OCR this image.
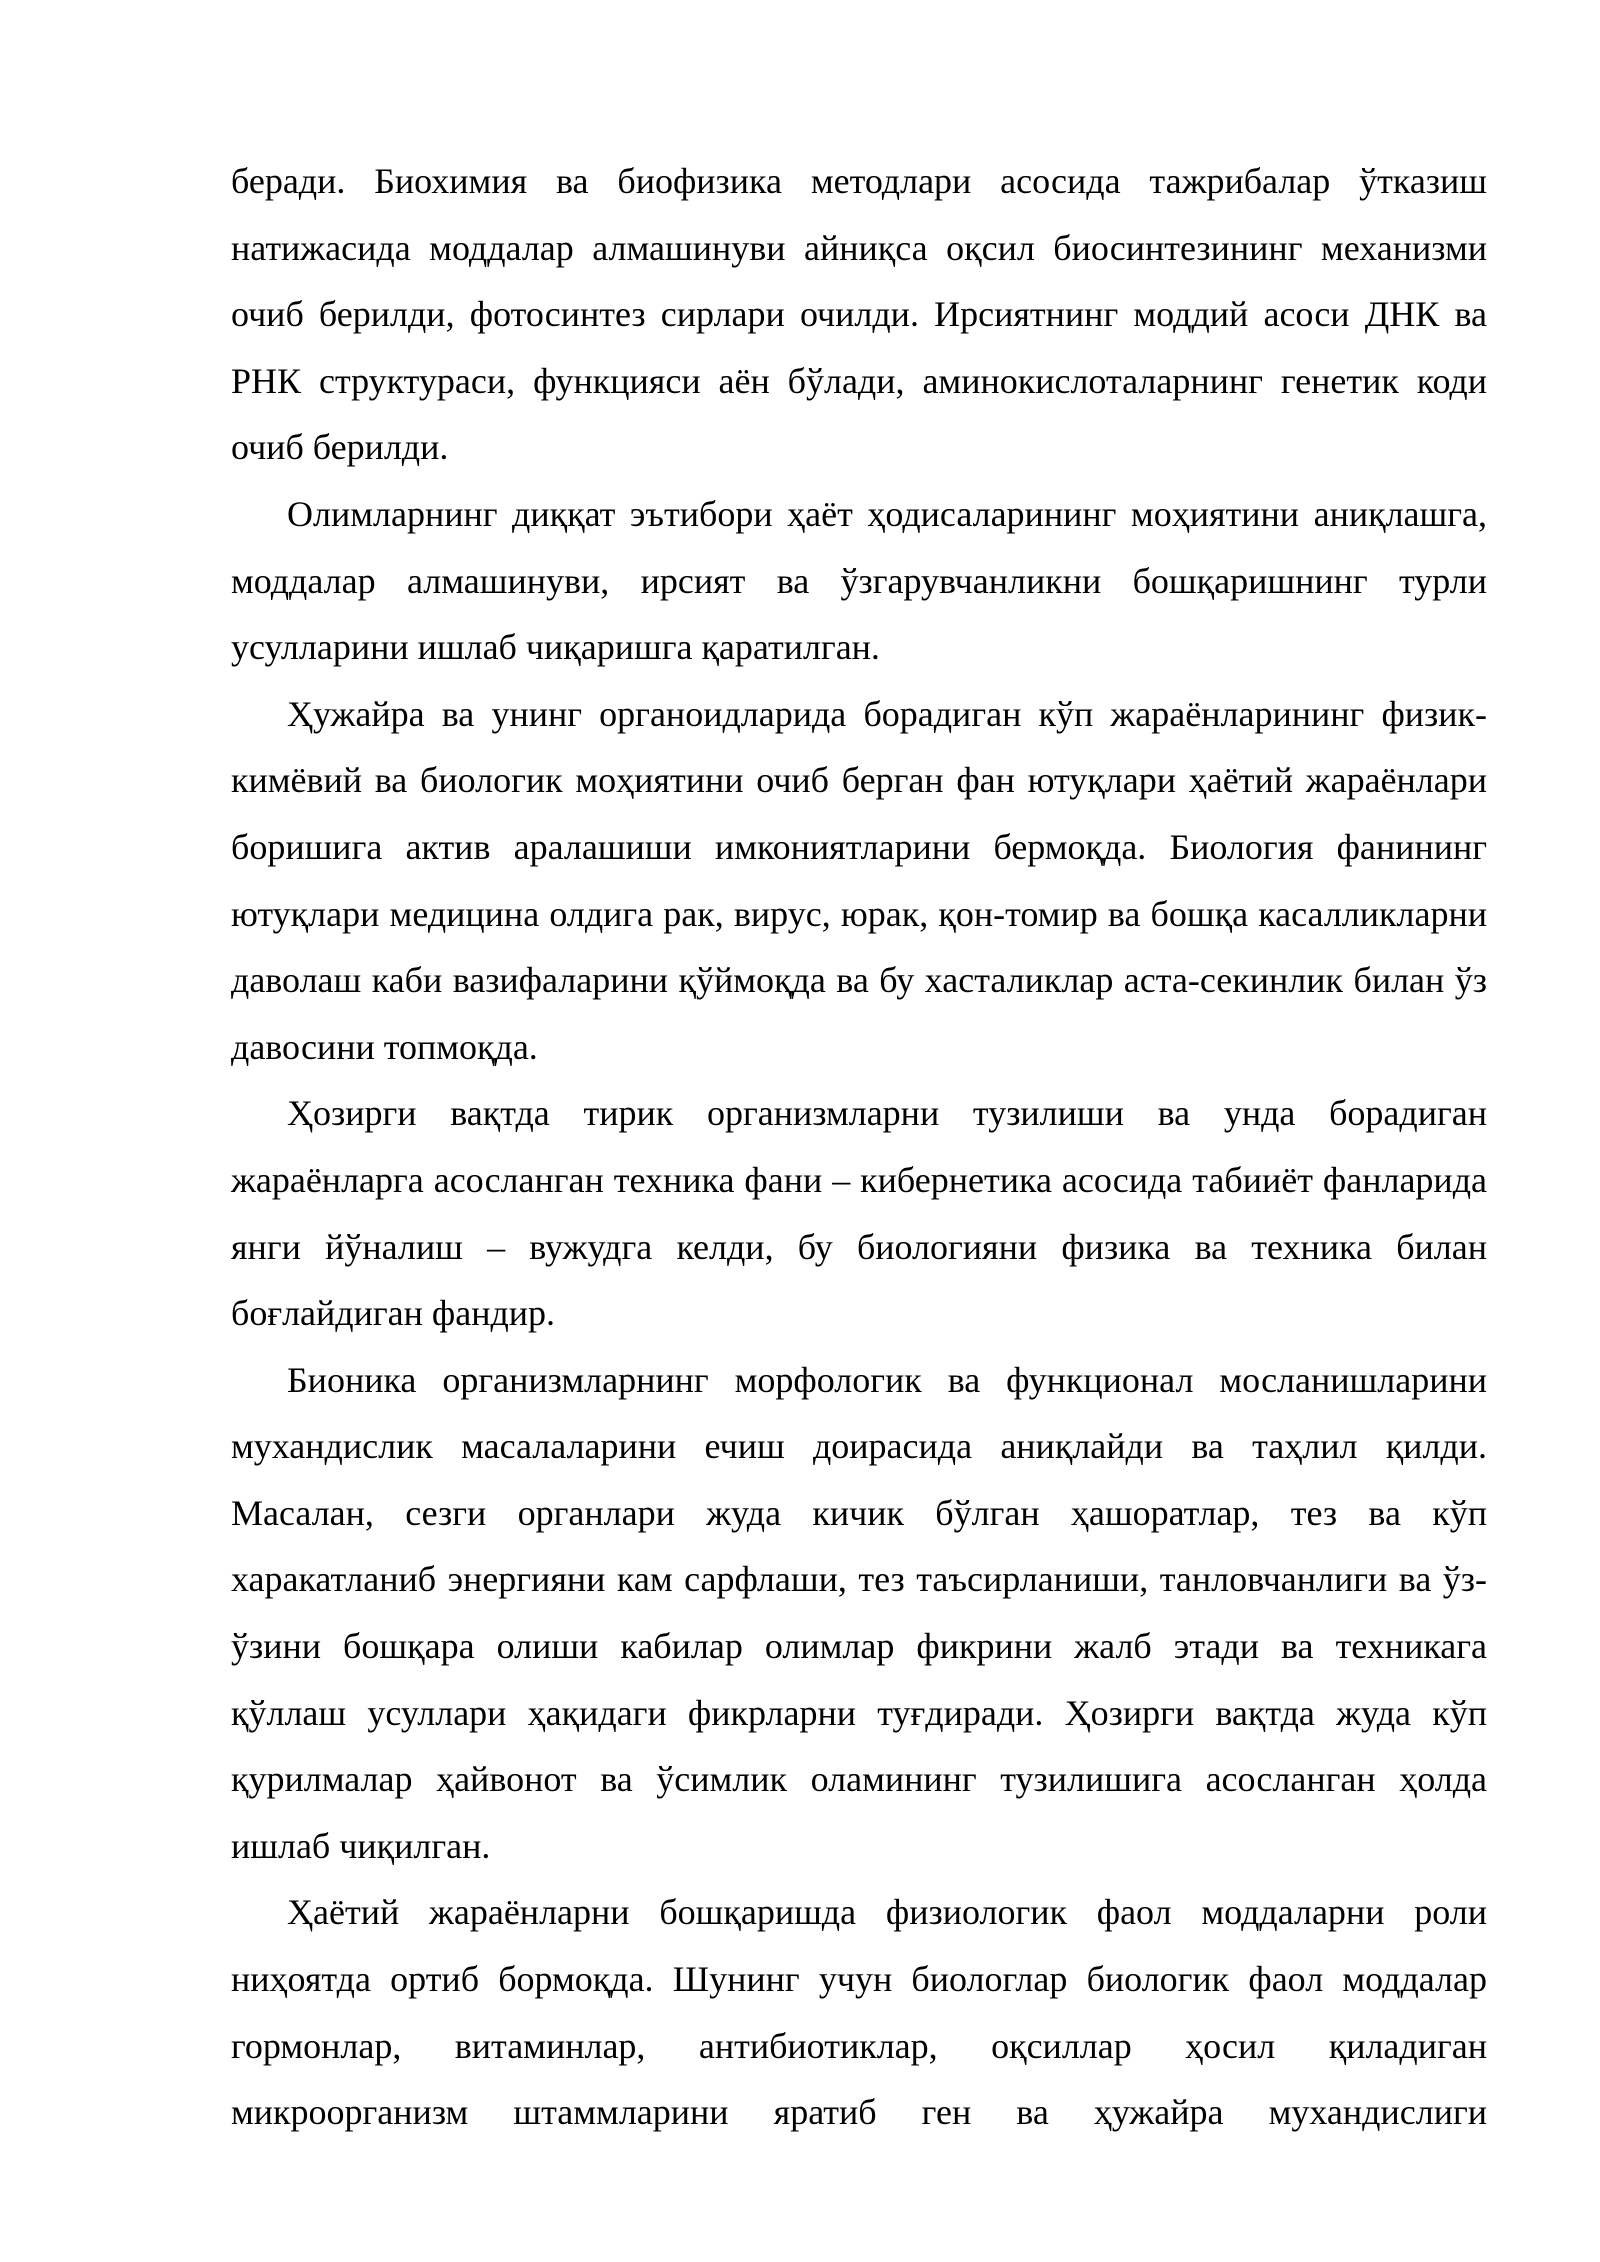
беради. Биохимия ва биофизика методлари асосида тажрибалар ўтказиш натижасида моддалар алмашинуви айниқса оқсил биосинтезининг механизми очиб берилди, фотосинтез сирлари очилди. Ирсиятнинг моддий асоси ДНК ва РНК структураси, функцияси аён бўлади, аминокислоталарнинг генетик коди очиб берилди.

Олимларнинг диққат эътибори ҳаёт ҳодисаларининг моҳиятини аниқлашга, моддалар алмашинуви, ирсият ва ўзгарувчанликни бошқаришнинг турли усулларини ишлаб чиқаришга қаратилган.

Ҳужайра ва унинг органоидларида борадиган кўп жараёнларининг физик-кимёвий ва биологик моҳиятини очиб берган фан ютуқлари ҳаётий жараёнлари боришига актив аралашиши имкониятларини бермоқда. Биология фанининг ютуқлари медицина олдига рак, вирус, юрак, қон-томир ва бошқа касалликларни даволаш каби вазифаларини қўймоқда ва бу хасталиклар аста-секинлик билан ўз давосини топмоқда.

Ҳозирги вақтда тирик организмларни тузилиши ва унда борадиган жараёнларга асосланган техника фани – кибернетика асосида табииёт фанларида янги йўналиш – вужудга келди, бу биологияни физика ва техника билан боғлайдиган фандир.

Бионика организмларнинг морфологик ва функционал мосланишларини мухандислик масалаларини ечиш доирасида аниқлайди ва таҳлил қилди. Масалан, сезги органлари жуда кичик бўлган ҳашоратлар, тез ва кўп харакатланиб энергияни кам сарфлаши, тез таъсирланиши, танловчанлиги ва ўз-ўзини бошқара олиши кабилар олимлар фикрини жалб этади ва техникага қўллаш усуллари ҳақидаги фикрларни туғдиради. Ҳозирги вақтда жуда кўп қурилмалар ҳайвонот ва ўсимлик оламининг тузилишига асосланган ҳолда ишлаб чиқилган.

Ҳаётий жараёнларни бошқаришда физиологик фаол моддаларни роли ниҳоятда ортиб бормоқда. Шунинг учун биологлар биологик фаол моддалар гормонлар, витаминлар, антибиотиклар, оқсиллар ҳосил қиладиган микроорганизм штаммларини яратиб ген ва ҳужайра мухандислиги
